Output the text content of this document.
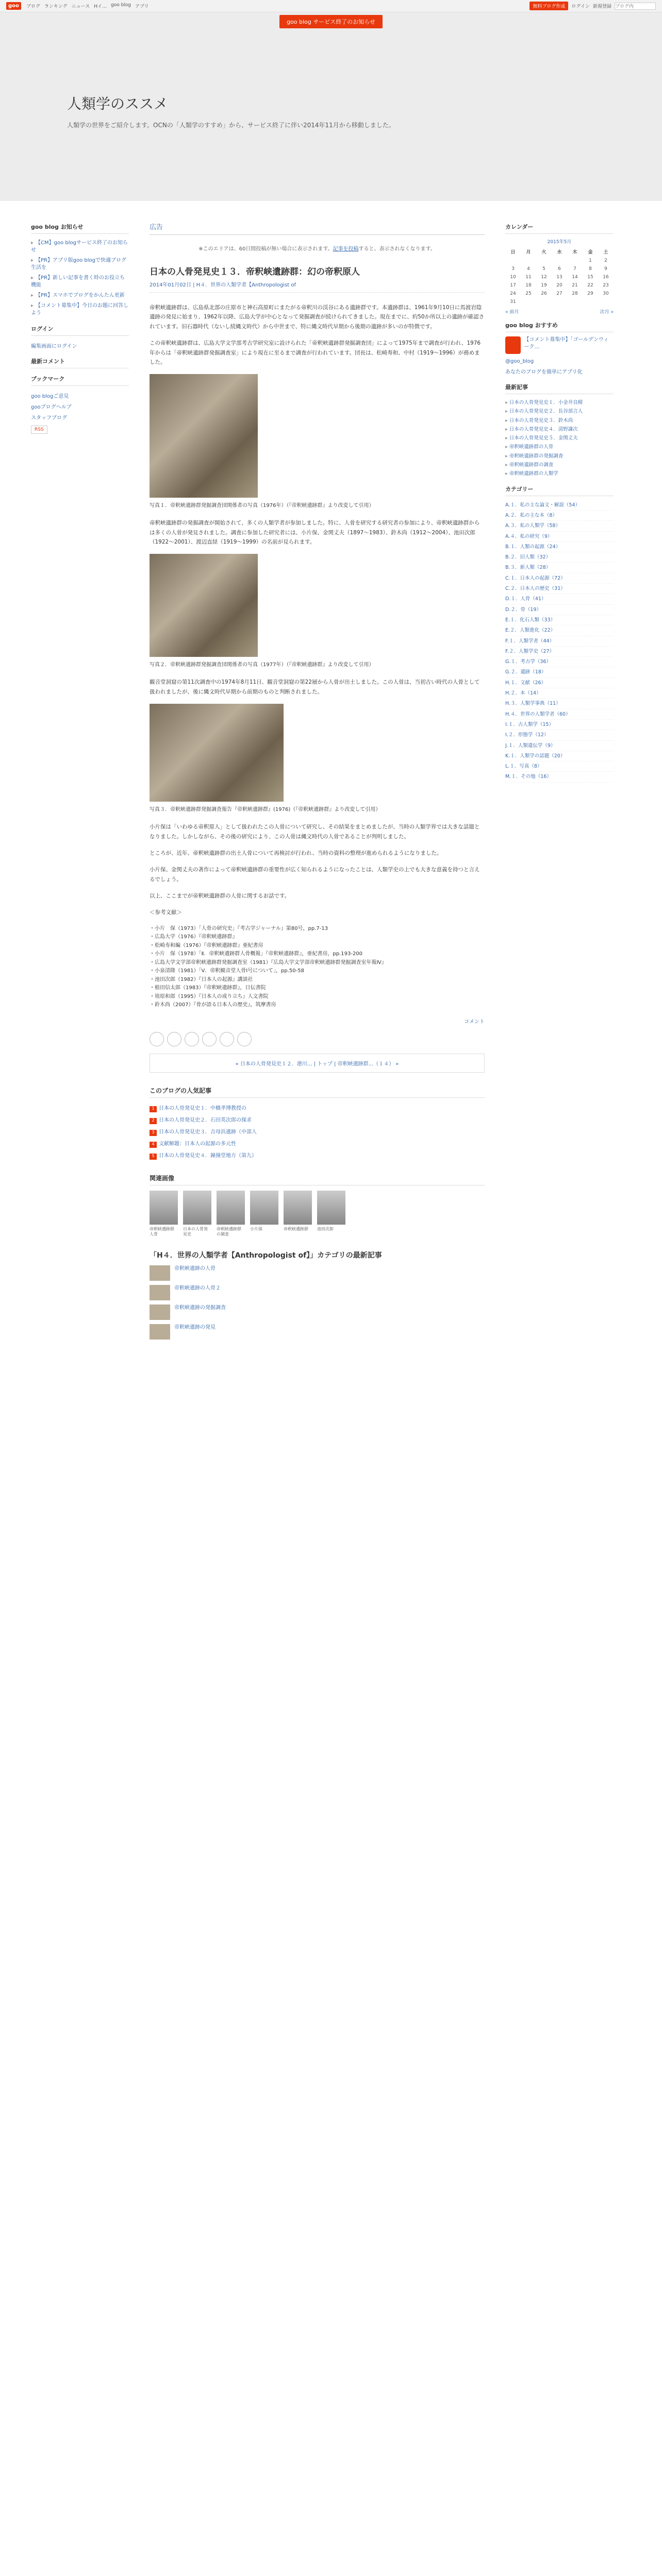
goo	ブログ ランキング ニュース Hイ… goo blog アプリ	無料ブログ作成	ログイン 新規登録
ブログ内
goo blog サービス終了のお知らせ
人類学のススメ

人類学の世界をご紹介します。OCNの「人類学のすすめ」から、サービス終了に伴い2014年11月から移動しました。

goo blog お知らせ
▸ 【CM】goo blogサービス終了のお知らせ
▸ 【PR】アプリ版goo blogで快適ブログ生活を
▸ 【PR】新しい記事を書く時のお役立ち機能
▸ 【PR】スマホでブログをかんたん更新
▸ 【コメント募集中】今日のお題に回答しよう
ログイン
編集画面にログイン
最新コメント
ブックマーク
goo blogご意見
gooブログヘルプ
スタッフブログ
RSS
広告
※このエリアは、60日間投稿が無い場合に表示されます。記事を投稿すると、表示されなくなります。
日本の人骨発見史１３．帝釈峡遺跡群：幻の帝釈原人
2014年01月02日 | H４．世界の人類学者【Anthropologist of

帝釈峡遺跡群は、広島県北部の庄原市と神石高原町にまたがる帝釈川の渓谷にある遺跡群です。本遺跡群は、1961年9月10日に馬渡岩陰遺跡の発見に始まり、1962年以降、広島大学が中心となって発掘調査が続けられてきました。現在までに、約50か所以上の遺跡が確認されています。旧石器時代（ないし続縄文時代）から中世まで、特に縄文時代早期から後期の遺跡が多いのが特徴です。

この帝釈峡遺跡群は、広島大学文学部考古学研究室に設けられた「帝釈峡遺跡群発掘調査団」によって1975年まで調査が行われ、1976年からは「帝釈峡遺跡群発掘調査室」により現在に至るまで調査が行われています。団長は、松崎寿和、中村（1919～1996）が務めました。

写真１．帝釈峡遺跡群発掘調査団関係者の写真（1976年）（『帝釈峡遺跡群』より改変して引用）

帝釈峡遺跡群の発掘調査が開始されて、多くの人類学者が参加しました。特に、人骨を研究する研究者の参加により、帝釈峡遺跡群からは多くの人骨が発見されました。調査に参加した研究者には、小片保、金関丈夫（1897～1983）、鈴木尚（1912～2004）、池田次郎（1922～2001）、渡辺直経（1919～1999）の名前が見られます。

写真２．帝釈峡遺跡群発掘調査団関係者の写真（1977年）（『帝釈峡遺跡群』より改変して引用）

観音堂洞窟の第11次調査中の1974年8月11日、観音堂洞窟の第22層から人骨が出土しました。この人骨は、当初古い時代の人骨として扱われましたが、後に縄文時代早期から前期のものと判断されました。

写真３．帝釈峡遺跡群発掘調査報告『帝釈峡遺跡群』(1976)（『帝釈峡遺跡群』より改変して引用）

小片保は「いわゆる帝釈原人」として扱われたこの人骨について研究し、その結果をまとめましたが、当時の人類学界では大きな話題となりました。しかしながら、その後の研究により、この人骨は縄文時代の人骨であることが判明しました。

ところが、近年、帝釈峡遺跡群の出土人骨について再検討が行われ、当時の資料の整理が進められるようになりました。

小片保、金関丈夫の著作によって帝釈峡遺跡群の重要性が広く知られるようになったことは、人類学史の上でも大きな意義を持つと言えるでしょう。

以上、ここまでが帝釈峡遺跡群の人骨に関するお話です。

＜参考文献＞

・小片　保（1973）「人骨の研究史」『考古学ジャーナル』第80号，pp.7-13
・広島大学（1976）『帝釈峡遺跡群』
・松崎寿和編（1976）『帝釈峡遺跡群』亜紀書房
・小片　保（1978）「Ⅱ．帝釈峡遺跡群人骨概報」『帝釈峡遺跡群』，亜紀書房，pp.193-200
・広島大学文学部帝釈峡遺跡群発掘調査室（1981）『広島大学文学部帝釈峡遺跡群発掘調査室年報Ⅳ』
・小泉清隆（1981）「Ⅴ．帝釈観音堂人骨Ⅰ号について」，pp.50-58
・池田次郎（1982）『日本人の起源』講談社
・植田信太郎（1983）『帝釈峡遺跡群』，日伝書院
・埴原和郎（1995）『日本人の成り立ち』人文書院
・鈴木尚（2007）『骨が語る日本人の歴史』，筑摩書房
コメント
« 日本の人骨発見史１２．港川... | トップ | 帝釈峡遺跡群...（１４） »
このブログの人気記事
1 日本の人骨発見史１．中橋孝博教授の
2 日本の人骨発見史２．石田英次郎の探求
3 日本の人骨発見史３．吉母浜遺跡（中部人
4 文献解題：日本人の起源の多元性
5 日本の人骨発見史４．鐘撞堂地方（第九）
関連画像
帝釈峡遺跡群人骨
日本の人骨発見史
帝釈峡遺跡群の調査
小片保	帝釈峡遺跡群	池田次郎
「H４．世界の人類学者【Anthropologist of】」カテゴリの最新記事
帝釈峡遺跡の人骨
帝釈峡遺跡の人骨２
帝釈峡遺跡の発掘調査
帝釈峡遺跡の発見
カレンダー
2015年5月
日	月	火	水	木	金	土
					1	2
3	4	5	6	7	8	9
10	11	12	13	14	15	16
17	18	19	20	21	22	23
24	25	26	27	28	29	30
31						
« 前月	次月 »
goo blog おすすめ
【コメント募集中】「ゴールデンウィーク…
@goo_blog
あなたのブログを簡単にアプリ化
最新記事
▸ 日本の人骨発見史１．小金井良精
▸ 日本の人骨発見史２．長谷部言人
▸ 日本の人骨発見史３．鈴木尚
▸ 日本の人骨発見史４．清野謙次
▸ 日本の人骨発見史５．金関丈夫
▸ 帝釈峡遺跡群の人骨
▸ 帝釈峡遺跡群の発掘調査
▸ 帝釈峡遺跡群の調査
▸ 帝釈峡遺跡群の人類学
カテゴリー
A.１．私の主な論文・解説（54）
A.２．私の主な本（8）
A.３．私の人類学（58）
A.４．私の研究（9）
B.１．人類の起源（24）
B.２．旧人類（32）
B.３．新人類（28）
C.１．日本人の起源（72）
C.２．日本人の歴史（31）
D.１．人骨（41）
D.２．骨（19）
E.１．化石人類（33）
E.２．人類進化（22）
F.１．人類学者（44）
F.２．人類学史（27）
G.１．考古学（36）
G.２．遺跡（18）
H.１．文献（26）
H.２．本（14）
H.３．人類学事典（11）
H.４．世界の人類学者（60）
I.１．古人類学（15）
I.２．形態学（12）
J.１．人類遺伝学（9）
K.１．人類学の話題（20）
L.１．写真（8）
M.１．その他（16）
